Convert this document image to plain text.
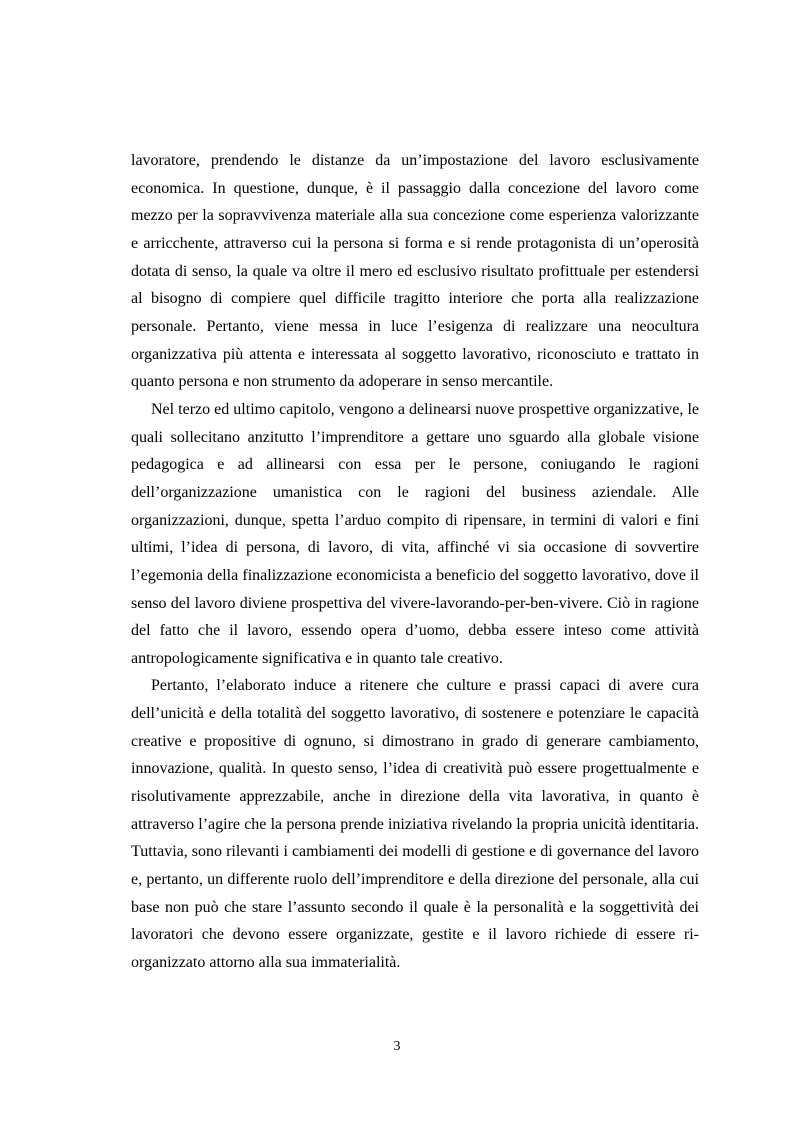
lavoratore, prendendo le distanze da un’impostazione del lavoro esclusivamente economica. In questione, dunque, è il passaggio dalla concezione del lavoro come mezzo per la sopravvivenza materiale alla sua concezione come esperienza valorizzante e arricchente, attraverso cui la persona si forma e si rende protagonista di un’operosità dotata di senso, la quale va oltre il mero ed esclusivo risultato profittuale per estendersi al bisogno di compiere quel difficile tragitto interiore che porta alla realizzazione personale. Pertanto, viene messa in luce l’esigenza di realizzare una neocultura organizzativa più attenta e interessata al soggetto lavorativo, riconosciuto e trattato in quanto persona e non strumento da adoperare in senso mercantile.

Nel terzo ed ultimo capitolo, vengono a delinearsi nuove prospettive organizzative, le quali sollecitano anzitutto l’imprenditore a gettare uno sguardo alla globale visione pedagogica e ad allinearsi con essa per le persone, coniugando le ragioni dell’organizzazione umanistica con le ragioni del business aziendale. Alle organizzazioni, dunque, spetta l’arduo compito di ripensare, in termini di valori e fini ultimi, l’idea di persona, di lavoro, di vita, affinché vi sia occasione di sovvertire l’egemonia della finalizzazione economicista a beneficio del soggetto lavorativo, dove il senso del lavoro diviene prospettiva del vivere-lavorando-per-ben-vivere. Ciò in ragione del fatto che il lavoro, essendo opera d’uomo, debba essere inteso come attività antropologicamente significativa e in quanto tale creativo.

Pertanto, l’elaborato induce a ritenere che culture e prassi capaci di avere cura dell’unicità e della totalità del soggetto lavorativo, di sostenere e potenziare le capacità creative e propositive di ognuno, si dimostrano in grado di generare cambiamento, innovazione, qualità. In questo senso, l’idea di creatività può essere progettualmente e risolutivamente apprezzabile, anche in direzione della vita lavorativa, in quanto è attraverso l’agire che la persona prende iniziativa rivelando la propria unicità identitaria. Tuttavia, sono rilevanti i cambiamenti dei modelli di gestione e di governance del lavoro e, pertanto, un differente ruolo dell’imprenditore e della direzione del personale, alla cui base non può che stare l’assunto secondo il quale è la personalità e la soggettività dei lavoratori che devono essere organizzate, gestite e il lavoro richiede di essere ri-organizzato attorno alla sua immaterialità.

3
